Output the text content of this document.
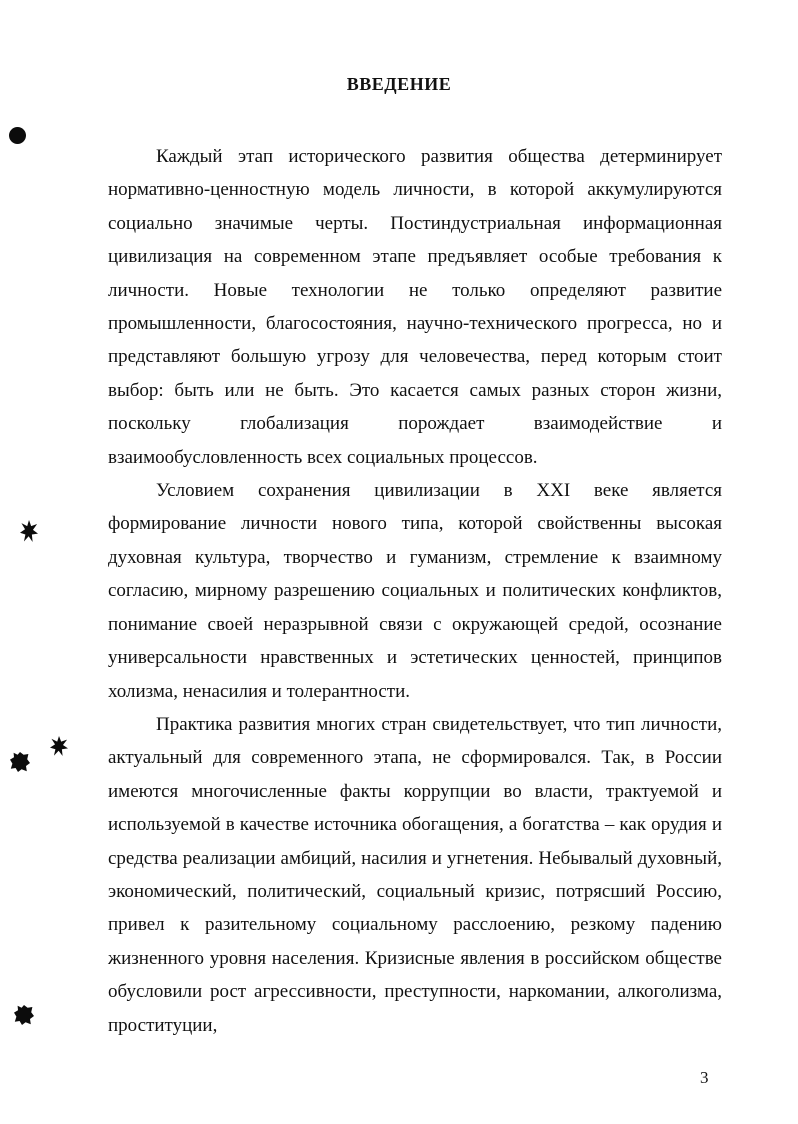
ВВЕДЕНИЕ

Каждый этап исторического развития общества детерминирует нормативно-ценностную модель личности, в которой аккумулируются социально значимые черты. Постиндустриальная информационная цивилизация на современном этапе предъявляет особые требования к личности. Новые технологии не только определяют развитие промышленности, благосостояния, научно-технического прогресса, но и представляют большую угрозу для человечества, перед которым стоит выбор: быть или не быть. Это касается самых разных сторон жизни, поскольку глобализация порождает взаимодействие и взаимообусловленность всех социальных процессов.

Условием сохранения цивилизации в XXI веке является формирование личности нового типа, которой свойственны высокая духовная культура, творчество и гуманизм, стремление к взаимному согласию, мирному разрешению социальных и политических конфликтов, понимание своей неразрывной связи с окружающей средой, осознание универсальности нравственных и эстетических ценностей, принципов холизма, ненасилия и толерантности.

Практика развития многих стран свидетельствует, что тип личности, актуальный для современного этапа, не сформировался. Так, в России имеются многочисленные факты коррупции во власти, трактуемой и используемой в качестве источника обогащения, а богатства – как орудия и средства реализации амбиций, насилия и угнетения. Небывалый духовный, экономический, политический, социальный кризис, потрясший Россию, привел к разительному социальному расслоению, резкому падению жизненного уровня населения. Кризисные явления в российском обществе обусловили рост агрессивности, преступности, наркомании, алкоголизма, проституции,

3
